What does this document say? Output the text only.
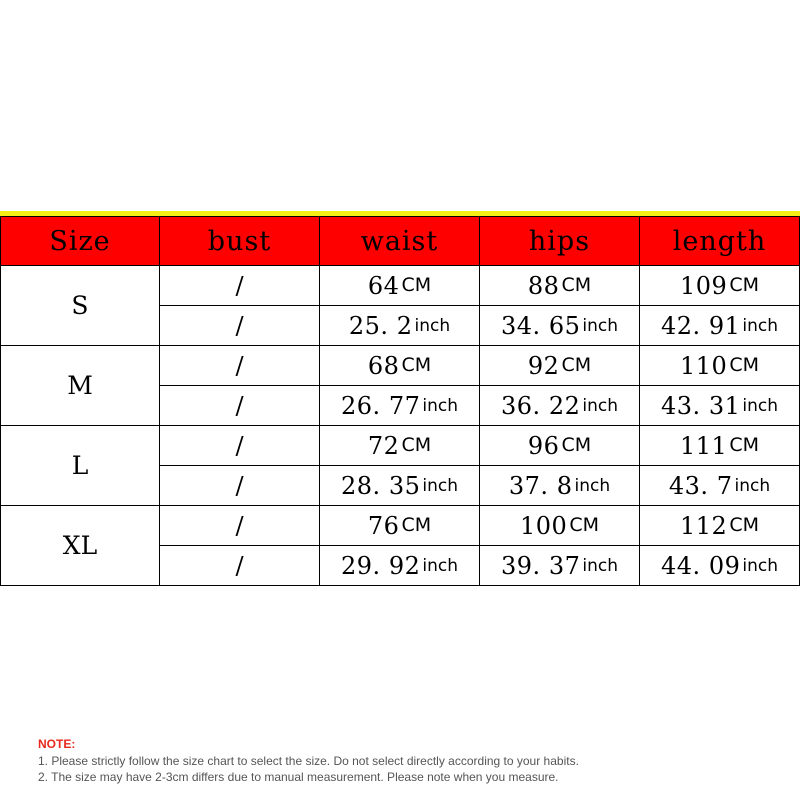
Size	bust	waist	hips	length
S	/	64 CM	88 CM	109 CM
	/	25. 2 inch	34. 65 inch	42. 91 inch
M	/	68 CM	92 CM	110 CM
	/	26. 77 inch	36. 22 inch	43. 31 inch
L	/	72 CM	96 CM	111 CM
	/	28. 35 inch	37. 8 inch	43. 7 inch
XL	/	76 CM	100 CM	112 CM
	/	29. 92 inch	39. 37 inch	44. 09 inch
NOTE:
1. Please strictly follow the size chart to select the size. Do not select directly according to your habits.
2. The size may have 2-3cm differs due to manual measurement. Please note when you measure.
